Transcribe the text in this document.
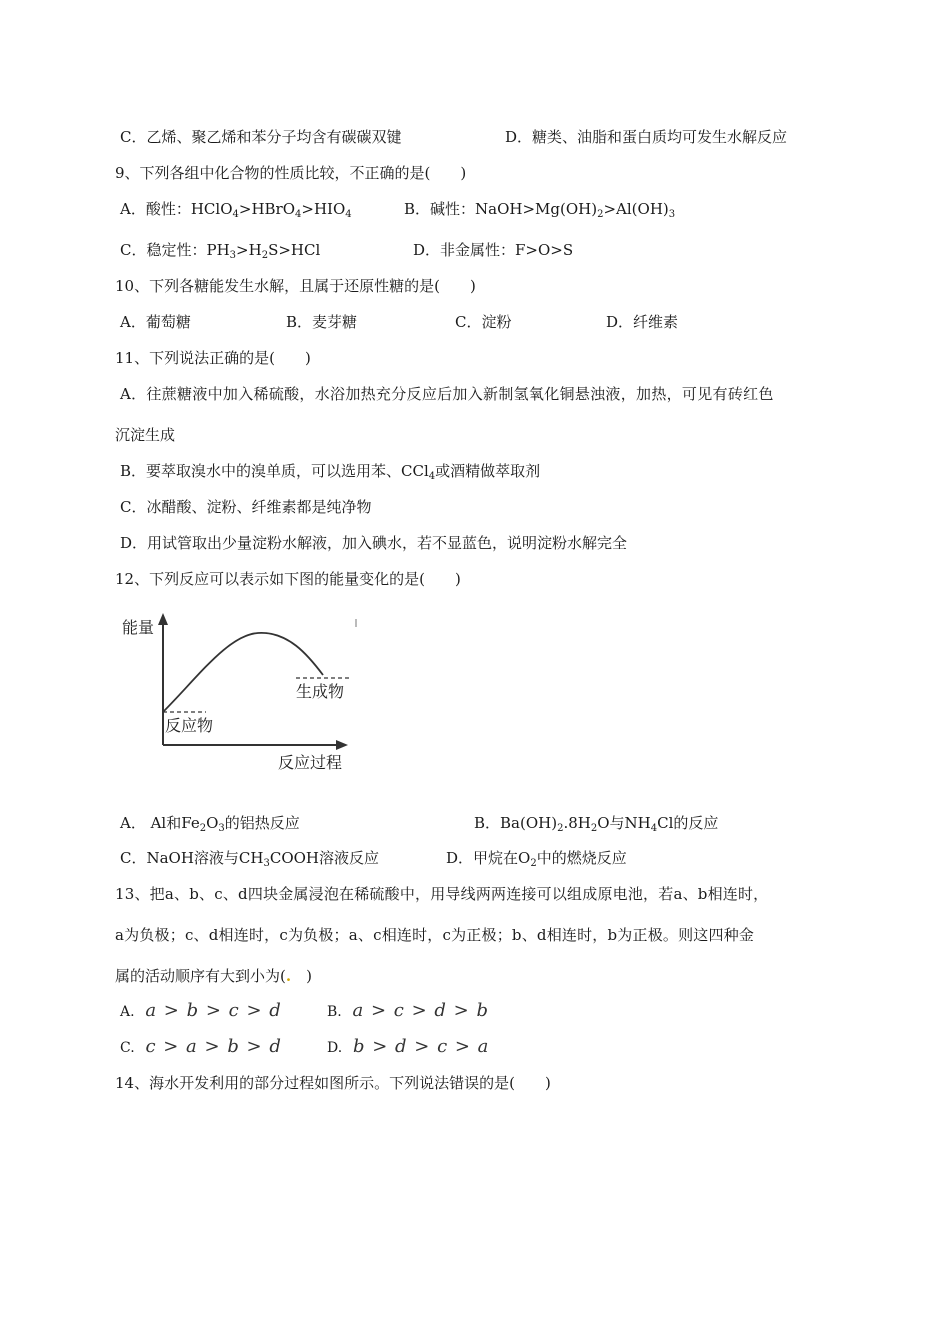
C．乙烯、聚乙烯和苯分子均含有碳碳双键	D．糖类、油脂和蛋白质均可发生水解反应
9、下列各组中化合物的性质比较，不正确的是(　　)
A．酸性：$HClO_4>HBrO_4>HIO_4$	B．碱性：$NaOH>Mg(OH)_2>Al(OH)_3$
C．稳定性：$PH_3>H_2S>HCl$	D．非金属性：F>O>S
10、下列各糖能发生水解，且属于还原性糖的是(　　)
A．葡萄糖	B．麦芽糖	C．淀粉	D．纤维素
11、下列说法正确的是(　　)
A．往蔗糖液中加入稀硫酸，水浴加热充分反应后加入新制氢氧化铜悬浊液，加热，可见有砖红色
沉淀生成
B．要萃取溴水中的溴单质，可以选用苯、CCl$_4$或酒精做萃取剂
C．冰醋酸、淀粉、纤维素都是纯净物
D．用试管取出少量淀粉水解液，加入碘水，若不显蓝色，说明淀粉水解完全
12、下列反应可以表示如下图的能量变化的是(　　)
能量
反应过程
反应物
生成物
A． Al和$Fe_2O_3$的铝热反应	B．$Ba(OH)_2.8H_2O$与$NH_4Cl$的反应
C．NaOH溶液与$CH_3COOH$溶液反应	D．甲烷在$O_2$中的燃烧反应
13、把a、b、c、d四块金属浸泡在稀硫酸中，用导线两两连接可以组成原电池，若a、b相连时，
a为负极；c、d相连时，c为负极；a、c相连时，c为正极；b、d相连时，b为正极。则这四种金
属的活动顺序有大到小为(.　)
A. a > b > c > d	B. a > c > d > b
C. c > a > b > d	D. b > d > c > a
14、海水开发利用的部分过程如图所示。下列说法错误的是(　　)
